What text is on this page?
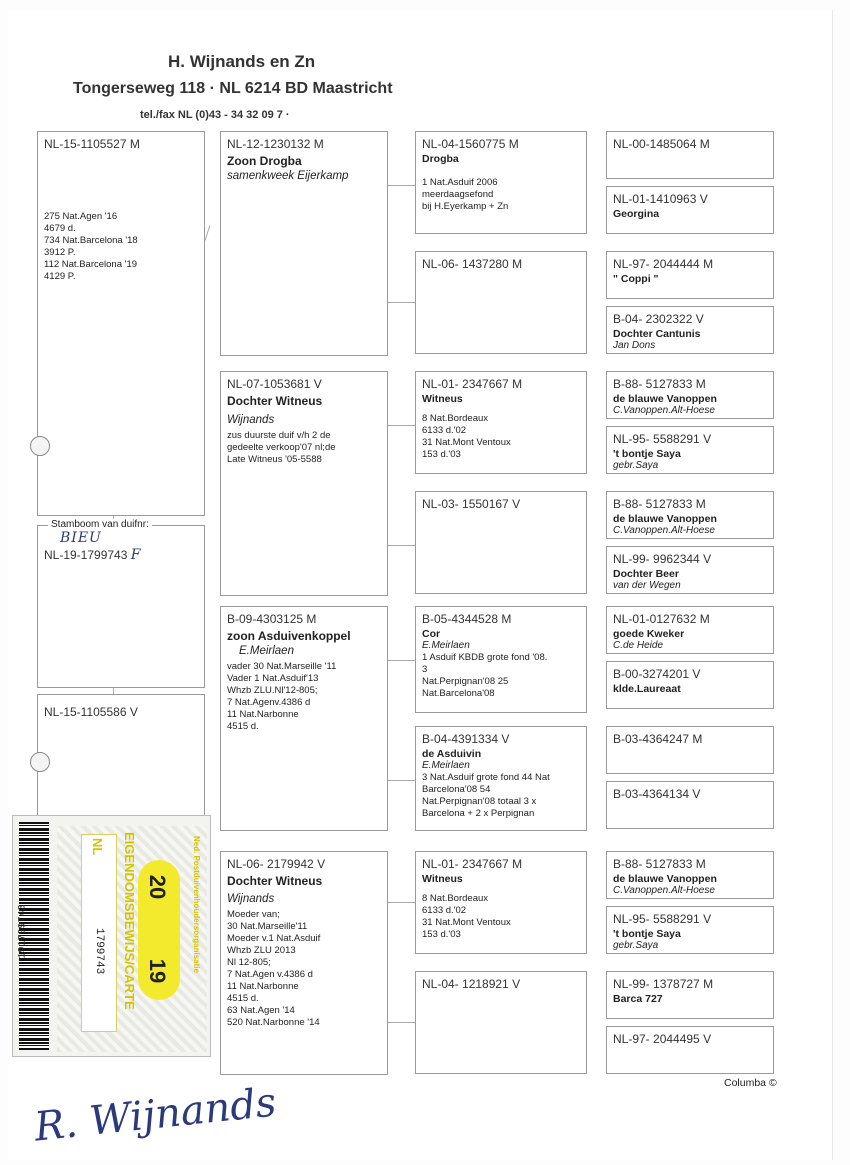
H. Wijnands en Zn
Tongerseweg 118 · NL 6214 BD Maastricht
tel./fax NL (0)43 - 34 32 09 7 ·
NL-15-1105527 M
275 Nat.Agen '16
4679 d.
734 Nat.Barcelona '18
3912 P.
112 Nat.Barcelona '19
4129 P.
NL-19-1799743 F
Stamboom van duifnr:
BIEU
NL-15-1105586 V
NL-12-1230132 M
Zoon Drogba
samenkweek Eijerkamp
NL-07-1053681 V
Dochter Witneus
Wijnands
zus duurste duif v/h 2 de
gedeelte verkoop'07 nl;de
Late Witneus '05-5588
B-09-4303125 M
zoon Asduivenkoppel
E.Meirlaen
vader 30 Nat.Marseille '11
Vader 1 Nat.Asduif'13
Whzb ZLU.Nl'12-805;
7 Nat.Agenv.4386 d
11 Nat.Narbonne
4515 d.
NL-06- 2179942 V
Dochter Witneus
Wijnands
Moeder van;
30 Nat.Marseille'11
Moeder v.1 Nat.Asduif
Whzb ZLU 2013
Nl 12-805;
7 Nat.Agen v.4386 d
11 Nat.Narbonne
4515 d.
63 Nat.Agen '14
520 Nat.Narbonne '14
NL-04-1560775 M
Drogba
1 Nat.Asduif 2006
meerdaagsefond
bij H.Eyerkamp + Zn
NL-06- 1437280 M
NL-01- 2347667 M
Witneus
8 Nat.Bordeaux
6133 d.'02
31 Nat.Mont Ventoux
153 d.'03
NL-03- 1550167 V
B-05-4344528 M
Cor
E.Meirlaen
1 Asduif KBDB grote fond '08.
3
Nat.Perpignan'08 25
Nat.Barcelona'08
B-04-4391334 V
de Asduivin
E.Meirlaen
3 Nat.Asduif grote fond 44 Nat
Barcelona'08 54
Nat.Perpignan'08 totaal 3 x
Barcelona + 2 x Perpignan
NL-01- 2347667 M
Witneus
8 Nat.Bordeaux
6133 d.'02
31 Nat.Mont Ventoux
153 d.'03
NL-04- 1218921 V
NL-00-1485064 M
NL-01-1410963 V
Georgina
NL-97- 2044444 M
" Coppi "
B-04- 2302322 V
Dochter Cantunis
Jan Dons
B-88- 5127833 M
de blauwe Vanoppen
C.Vanoppen.Alt-Hoese
NL-95- 5588291 V
't bontje Saya
gebr.Saya
B-88- 5127833 M
de blauwe Vanoppen
C.Vanoppen.Alt-Hoese
NL-99- 9962344 V
Dochter Beer
van der Wegen
NL-01-0127632 M
goede Kweker
C.de Heide
B-00-3274201 V
klde.Laureaat
B-03-4364247 M
B-03-4364134 V
B-88- 5127833 M
de blauwe Vanoppen
C.Vanoppen.Alt-Hoese
NL-95- 5588291 V
't bontje Saya
gebr.Saya
NL-99- 1378727 M
Barca 727
NL-97- 2044495 V
191799743
NL
1799743 EIGENDOMSBEWIJS/CARTE	Ned. Postduivenhoudersorganisatie
20
19
Columba ©
R. Wijnands
